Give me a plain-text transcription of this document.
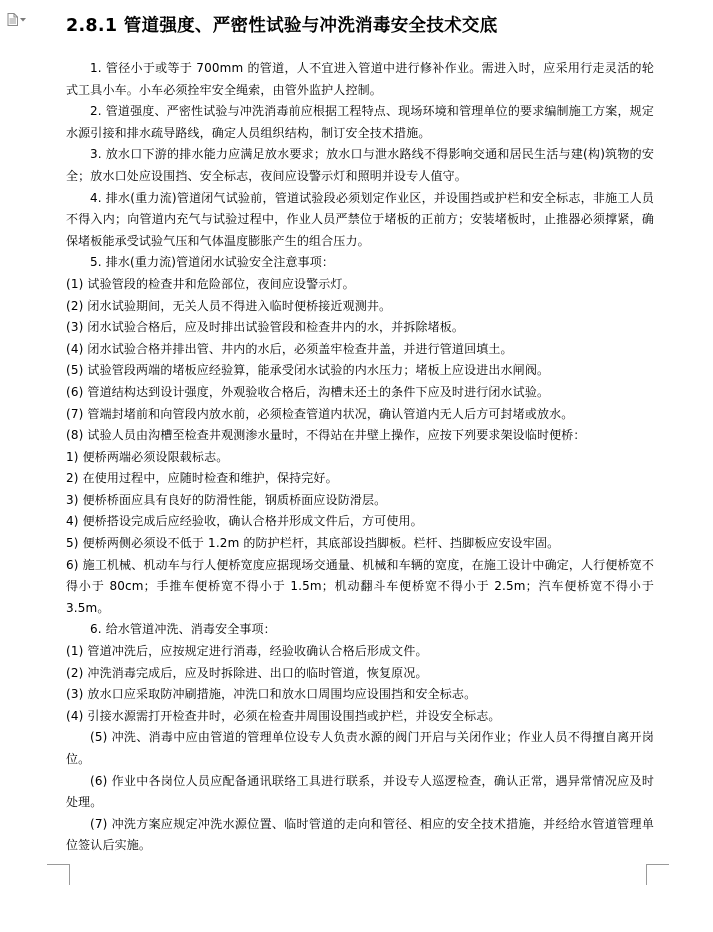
2.8.1 管道强度、严密性试验与冲洗消毒安全技术交底

1. 管径小于或等于 700mm 的管道，人不宜进入管道中进行修补作业。需进入时，应采用行走灵活的轮式工具小车。小车必须拴牢安全绳索，由管外监护人控制。

2. 管道强度、严密性试验与冲洗消毒前应根据工程特点、现场环境和管理单位的要求编制施工方案，规定水源引接和排水疏导路线，确定人员组织结构，制订安全技术措施。

3. 放水口下游的排水能力应满足放水要求；放水口与泄水路线不得影响交通和居民生活与建(构)筑物的安全；放水口处应设围挡、安全标志，夜间应设警示灯和照明并设专人值守。

4. 排水(重力流)管道闭气试验前，管道试验段必须划定作业区，并设围挡或护栏和安全标志，非施工人员不得入内；向管道内充气与试验过程中，作业人员严禁位于堵板的正前方；安装堵板时，止推器必须撑紧，确保堵板能承受试验气压和气体温度膨胀产生的组合压力。

5. 排水(重力流)管道闭水试验安全注意事项：

(1) 试验管段的检查井和危险部位，夜间应设警示灯。

(2) 闭水试验期间，无关人员不得进入临时便桥接近观测井。

(3) 闭水试验合格后，应及时排出试验管段和检查井内的水，并拆除堵板。

(4) 闭水试验合格并排出管、井内的水后，必须盖牢检查井盖，并进行管道回填土。

(5) 试验管段两端的堵板应经验算，能承受闭水试验的内水压力；堵板上应设进出水闸阀。

(6) 管道结构达到设计强度，外观验收合格后，沟槽未还土的条件下应及时进行闭水试验。

(7) 管端封堵前和向管段内放水前，必须检查管道内状况，确认管道内无人后方可封堵或放水。

(8) 试验人员由沟槽至检查井观测渗水量时，不得站在井壁上操作，应按下列要求架设临时便桥：

1) 便桥两端必须设限载标志。

2) 在使用过程中，应随时检查和维护，保持完好。

3) 便桥桥面应具有良好的防滑性能，钢质桥面应设防滑层。

4) 便桥搭设完成后应经验收，确认合格并形成文件后，方可使用。

5) 便桥两侧必须设不低于 1.2m 的防护栏杆，其底部设挡脚板。栏杆、挡脚板应安设牢固。

6) 施工机械、机动车与行人便桥宽度应据现场交通量、机械和车辆的宽度，在施工设计中确定，人行便桥宽不得小于 80cm；手推车便桥宽不得小于 1.5m；机动翻斗车便桥宽不得小于 2.5m；汽车便桥宽不得小于 3.5m。

6. 给水管道冲洗、消毒安全事项：

(1) 管道冲洗后，应按规定进行消毒，经验收确认合格后形成文件。

(2) 冲洗消毒完成后，应及时拆除进、出口的临时管道，恢复原况。

(3) 放水口应采取防冲刷措施，冲洗口和放水口周围均应设围挡和安全标志。

(4) 引接水源需打开检查井时，必须在检查井周围设围挡或护栏，并设安全标志。

(5) 冲洗、消毒中应由管道的管理单位设专人负责水源的阀门开启与关闭作业；作业人员不得擅自离开岗位。

(6) 作业中各岗位人员应配备通讯联络工具进行联系，并设专人巡逻检查，确认正常，遇异常情况应及时处理。

(7) 冲洗方案应规定冲洗水源位置、临时管道的走向和管径、相应的安全技术措施，并经给水管道管理单位签认后实施。
